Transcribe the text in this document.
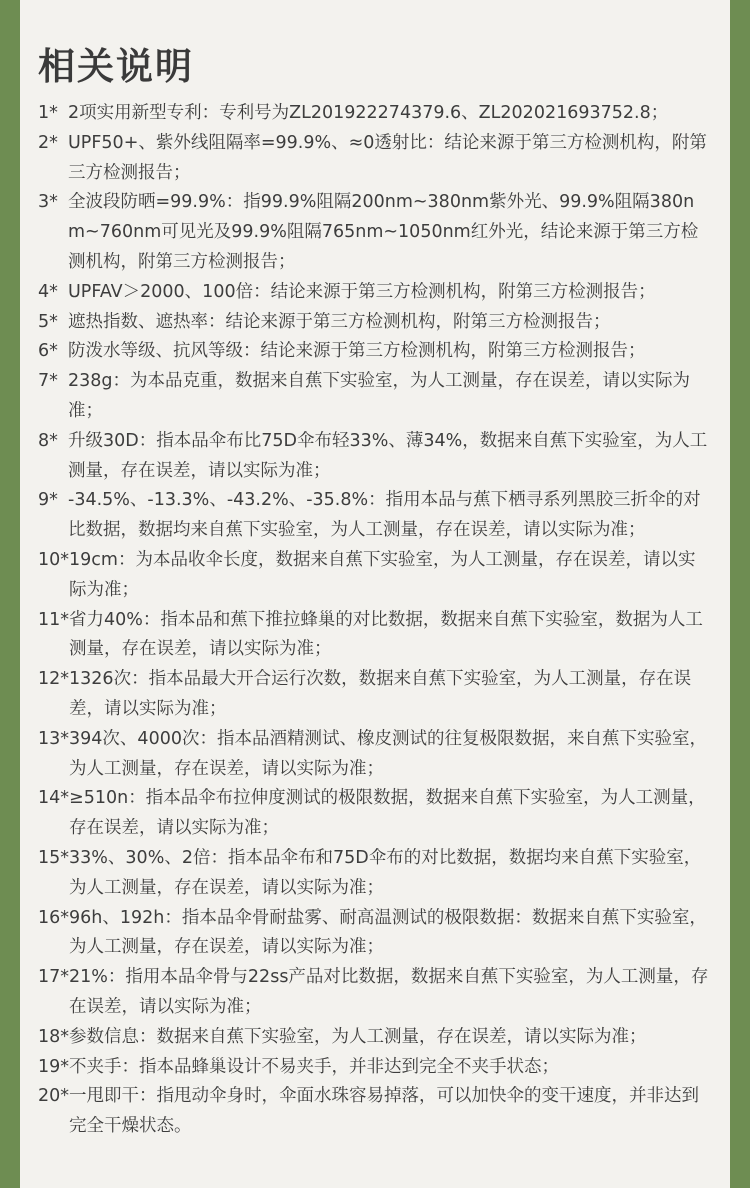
相关说明
1* 2项实用新型专利：专利号为ZL201922274379.6、ZL202021693752.8；
2* UPF50+、紫外线阻隔率=99.9%、≈0透射比：结论来源于第三方检测机构，附第三方检测报告；
3* 全波段防晒=99.9%：指99.9%阻隔200nm~380nm紫外光、99.9%阻隔380nm~760nm可见光及99.9%阻隔765nm~1050nm红外光，结论来源于第三方检测机构，附第三方检测报告；
4* UPFAV＞2000、100倍：结论来源于第三方检测机构，附第三方检测报告；
5* 遮热指数、遮热率：结论来源于第三方检测机构，附第三方检测报告；
6* 防泼水等级、抗风等级：结论来源于第三方检测机构，附第三方检测报告；
7* 238g：为本品克重，数据来自蕉下实验室，为人工测量，存在误差，请以实际为准；
8* 升级30D：指本品伞布比75D伞布轻33%、薄34%，数据来自蕉下实验室，为人工测量，存在误差，请以实际为准；
9* -34.5%、-13.3%、-43.2%、-35.8%：指用本品与蕉下栖寻系列黑胶三折伞的对比数据，数据均来自蕉下实验室，为人工测量，存在误差，请以实际为准；
10* 19cm：为本品收伞长度，数据来自蕉下实验室，为人工测量，存在误差，请以实际为准；
11* 省力40%：指本品和蕉下推拉蜂巢的对比数据，数据来自蕉下实验室，数据为人工测量，存在误差，请以实际为准；
12* 1326次：指本品最大开合运行次数，数据来自蕉下实验室，为人工测量，存在误差，请以实际为准；
13* 394次、4000次：指本品酒精测试、橡皮测试的往复极限数据，来自蕉下实验室，为人工测量，存在误差，请以实际为准；
14* ≥510n：指本品伞布拉伸度测试的极限数据，数据来自蕉下实验室，为人工测量，存在误差，请以实际为准；
15* 33%、30%、2倍：指本品伞布和75D伞布的对比数据，数据均来自蕉下实验室，为人工测量，存在误差，请以实际为准；
16* 96h、192h：指本品伞骨耐盐雾、耐高温测试的极限数据：数据来自蕉下实验室，为人工测量，存在误差，请以实际为准；
17* 21%：指用本品伞骨与22ss产品对比数据，数据来自蕉下实验室，为人工测量，存在误差，请以实际为准；
18* 参数信息：数据来自蕉下实验室，为人工测量，存在误差，请以实际为准；
19* 不夹手：指本品蜂巢设计不易夹手，并非达到完全不夹手状态；
20* 一甩即干：指甩动伞身时，伞面水珠容易掉落，可以加快伞的变干速度，并非达到完全干燥状态。
